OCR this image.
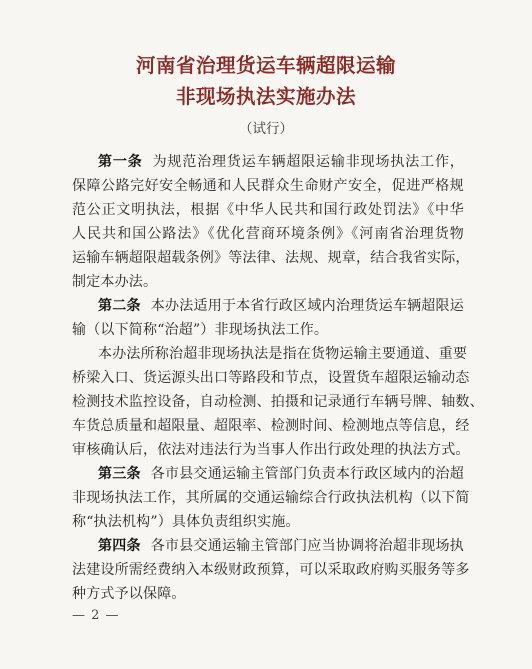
河南省治理货运车辆超限运输
非现场执法实施办法
（试行）
第一条 为规范治理货运车辆超限运输非现场执法工作，
保障公路完好安全畅通和人民群众生命财产安全，促进严格规
范公正文明执法，根据《中华人民共和国行政处罚法》《中华
人民共和国公路法》《优化营商环境条例》《河南省治理货物
运输车辆超限超载条例》等法律、法规、规章，结合我省实际，
制定本办法。
第二条 本办法适用于本省行政区域内治理货运车辆超限运
输（以下简称“治超”）非现场执法工作。
本办法所称治超非现场执法是指在货物运输主要通道、重要
桥梁入口、货运源头出口等路段和节点，设置货车超限运输动态
检测技术监控设备，自动检测、拍摄和记录通行车辆号牌、轴数、
车货总质量和超限量、超限率、检测时间、检测地点等信息，经
审核确认后，依法对违法行为当事人作出行政处理的执法方式。
第三条 各市县交通运输主管部门负责本行政区域内的治超
非现场执法工作，其所属的交通运输综合行政执法机构（以下简
称“执法机构”）具体负责组织实施。
第四条 各市县交通运输主管部门应当协调将治超非现场执
法建设所需经费纳入本级财政预算，可以采取政府购买服务等多
种方式予以保障。
— 2 —
